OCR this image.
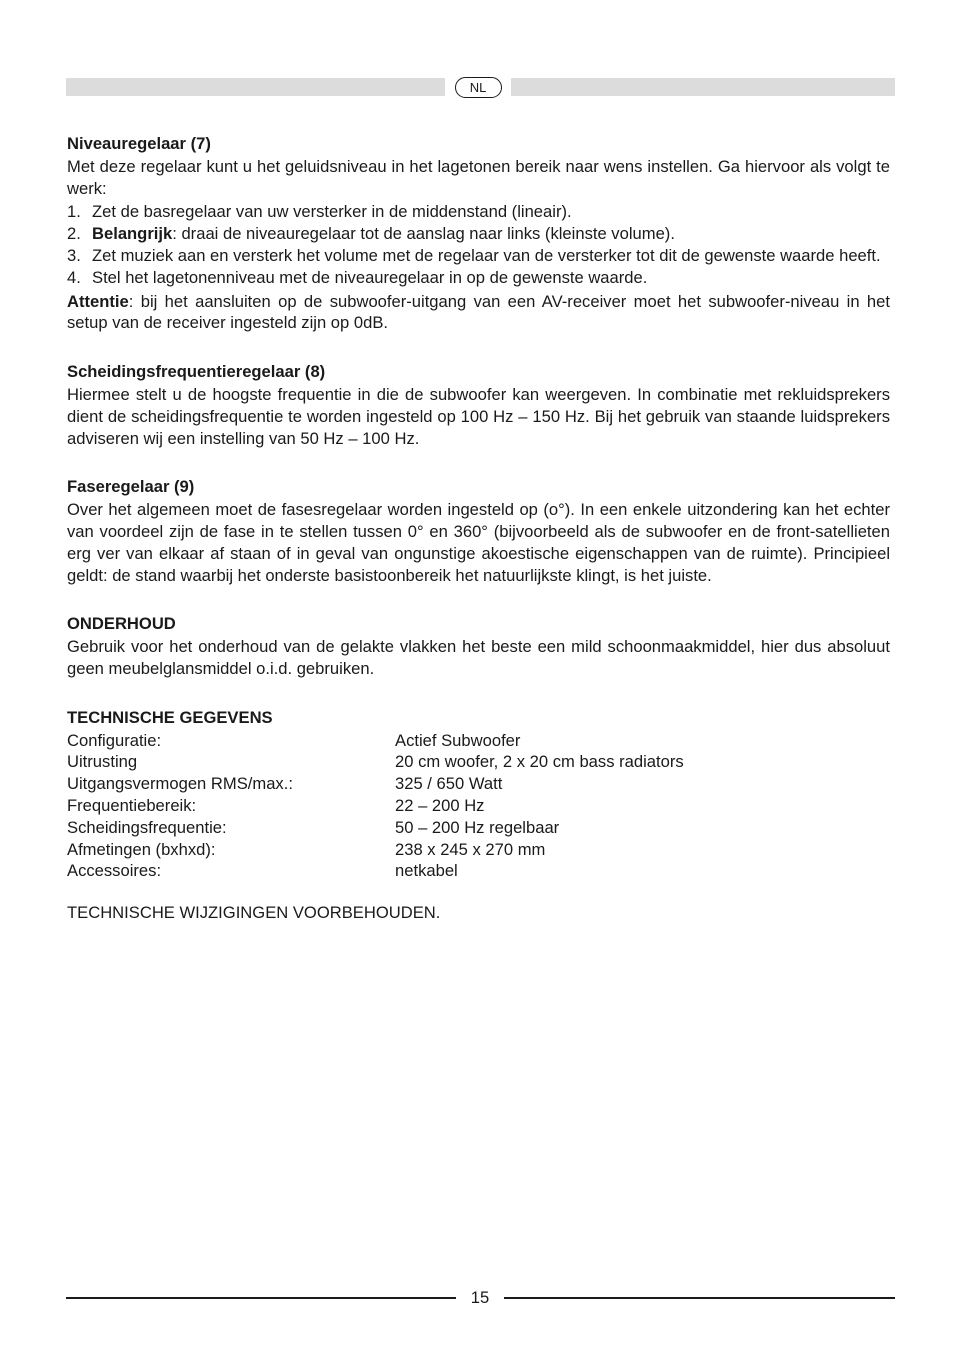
NL
Niveauregelaar (7)

Met deze regelaar kunt u het geluidsniveau in het lagetonen bereik naar wens instellen. Ga hiervoor als volgt te werk:

1. Zet de basregelaar van uw versterker in de middenstand (lineair).
2. Belangrijk: draai de niveauregelaar tot de aanslag naar links (kleinste volume).
3. Zet muziek aan en versterk het volume met de regelaar van de versterker tot dit de gewenste waarde heeft.
4. Stel het lagetonenniveau met de niveauregelaar in op de gewenste waarde.

Attentie: bij het aansluiten op de subwoofer-uitgang van een AV-receiver moet het subwoofer-niveau in het setup van de receiver ingesteld zijn op 0dB.

Scheidingsfrequentieregelaar (8)

Hiermee stelt u de hoogste frequentie in die de subwoofer kan weergeven. In combinatie met rekluidsprekers dient de scheidingsfrequentie te worden ingesteld op 100 Hz – 150 Hz. Bij het gebruik van staande luidsprekers adviseren wij een instelling van 50 Hz – 100 Hz.

Faseregelaar (9)

Over het algemeen moet de fasesregelaar worden ingesteld op (o°). In een enkele uitzondering kan het echter van voordeel zijn de fase in te stellen tussen 0° en 360° (bijvoorbeeld als de subwoofer en de front-satellieten erg ver van elkaar af staan of in geval van ongunstige akoestische eigenschappen van de ruimte). Principieel geldt: de stand waarbij het onderste basistoonbereik het natuurlijkste klingt, is het juiste.

ONDERHOUD

Gebruik voor het onderhoud van de gelakte vlakken het beste een mild schoonmaakmiddel, hier dus absoluut geen meubelglansmiddel o.i.d. gebruiken.

TECHNISCHE GEGEVENS
Configuratie:	Actief Subwoofer
Uitrusting	20 cm woofer, 2 x 20 cm bass radiators
Uitgangsvermogen RMS/max.:	325 / 650 Watt
Frequentiebereik:	22 – 200 Hz
Scheidingsfrequentie:	50 – 200 Hz regelbaar
Afmetingen (bxhxd):	238 x 245 x 270 mm
Accessoires:	netkabel

TECHNISCHE WIJZIGINGEN VOORBEHOUDEN.

15
